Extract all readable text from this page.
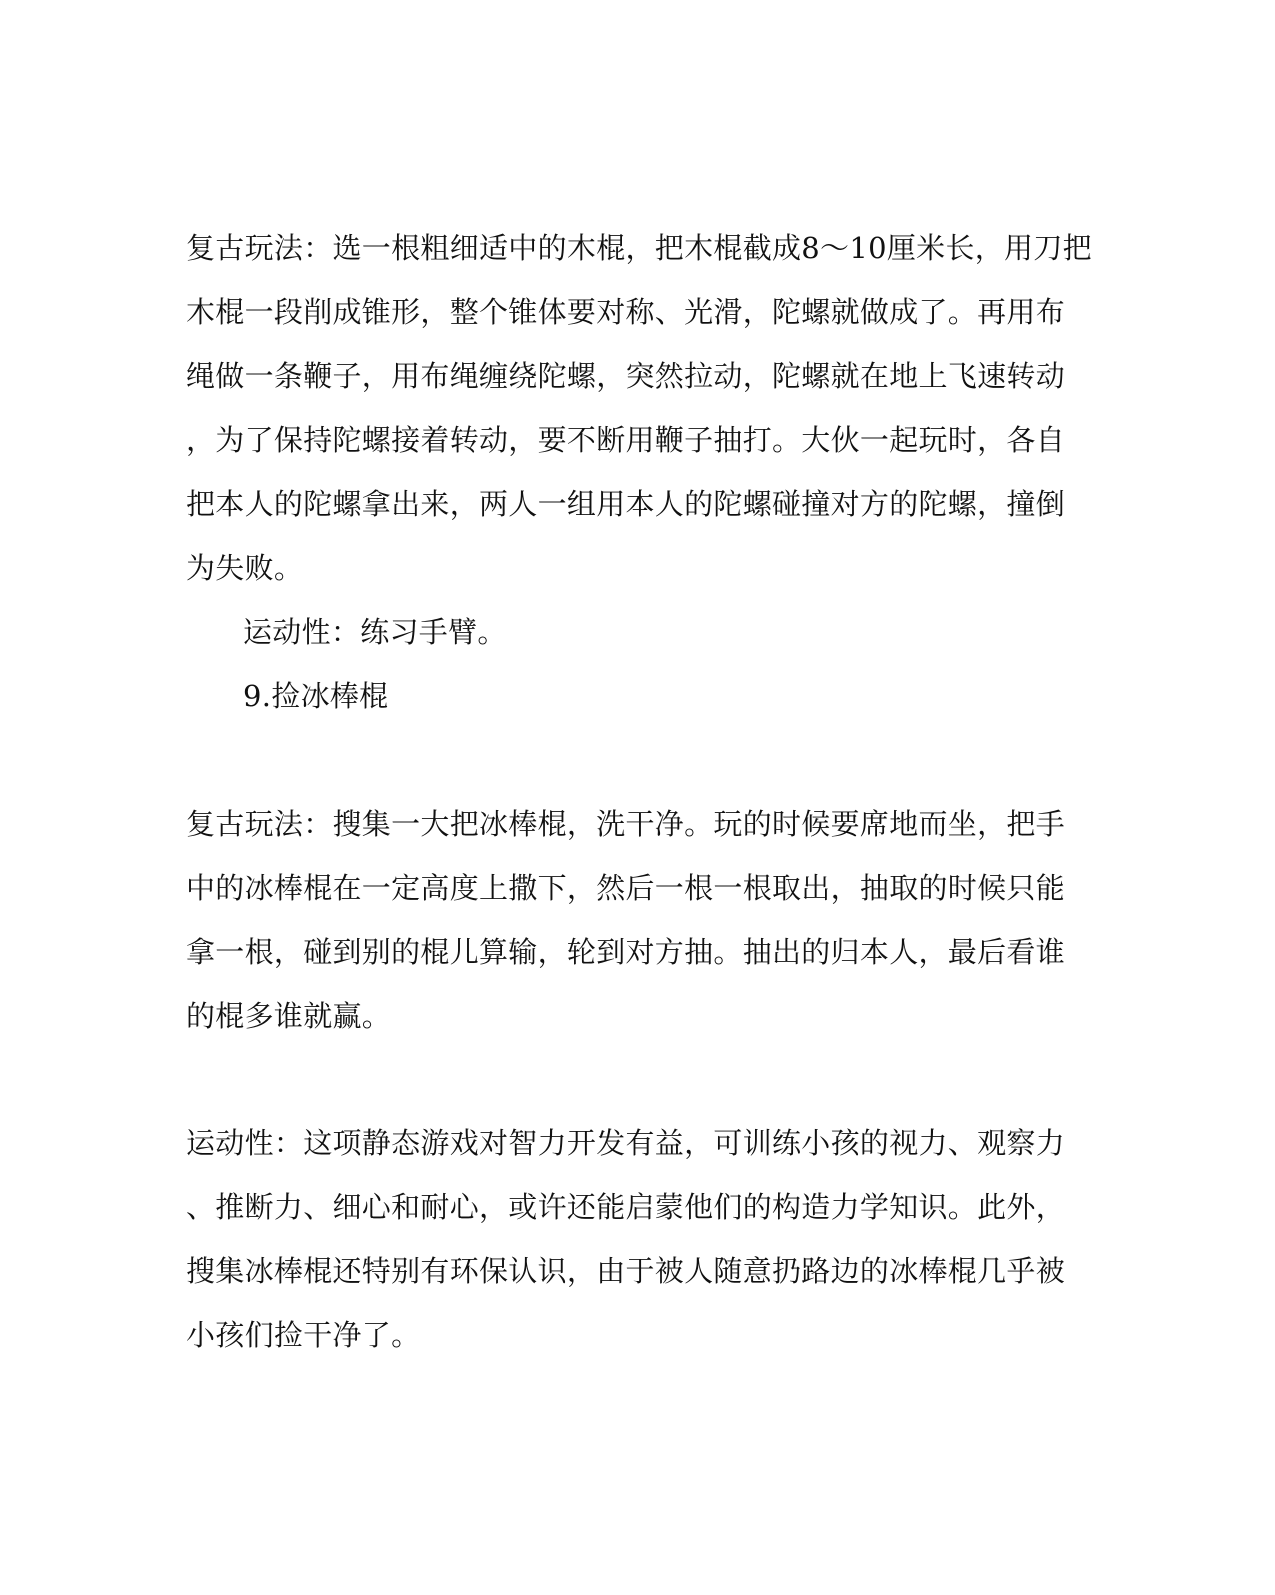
复古玩法：选一根粗细适中的木棍，把木棍截成8～10厘米长，用刀把
木棍一段削成锥形，整个锥体要对称、光滑，陀螺就做成了。再用布
绳做一条鞭子，用布绳缠绕陀螺，突然拉动，陀螺就在地上飞速转动
，为了保持陀螺接着转动，要不断用鞭子抽打。大伙一起玩时，各自
把本人的陀螺拿出来，两人一组用本人的陀螺碰撞对方的陀螺，撞倒
为失败。
运动性：练习手臂。
9.捡冰棒棍
复古玩法：搜集一大把冰棒棍，洗干净。玩的时候要席地而坐，把手
中的冰棒棍在一定高度上撒下，然后一根一根取出，抽取的时候只能
拿一根，碰到别的棍儿算输，轮到对方抽。抽出的归本人，最后看谁
的棍多谁就赢。
运动性：这项静态游戏对智力开发有益，可训练小孩的视力、观察力
、推断力、细心和耐心，或许还能启蒙他们的构造力学知识。此外，
搜集冰棒棍还特别有环保认识，由于被人随意扔路边的冰棒棍几乎被
小孩们捡干净了。
